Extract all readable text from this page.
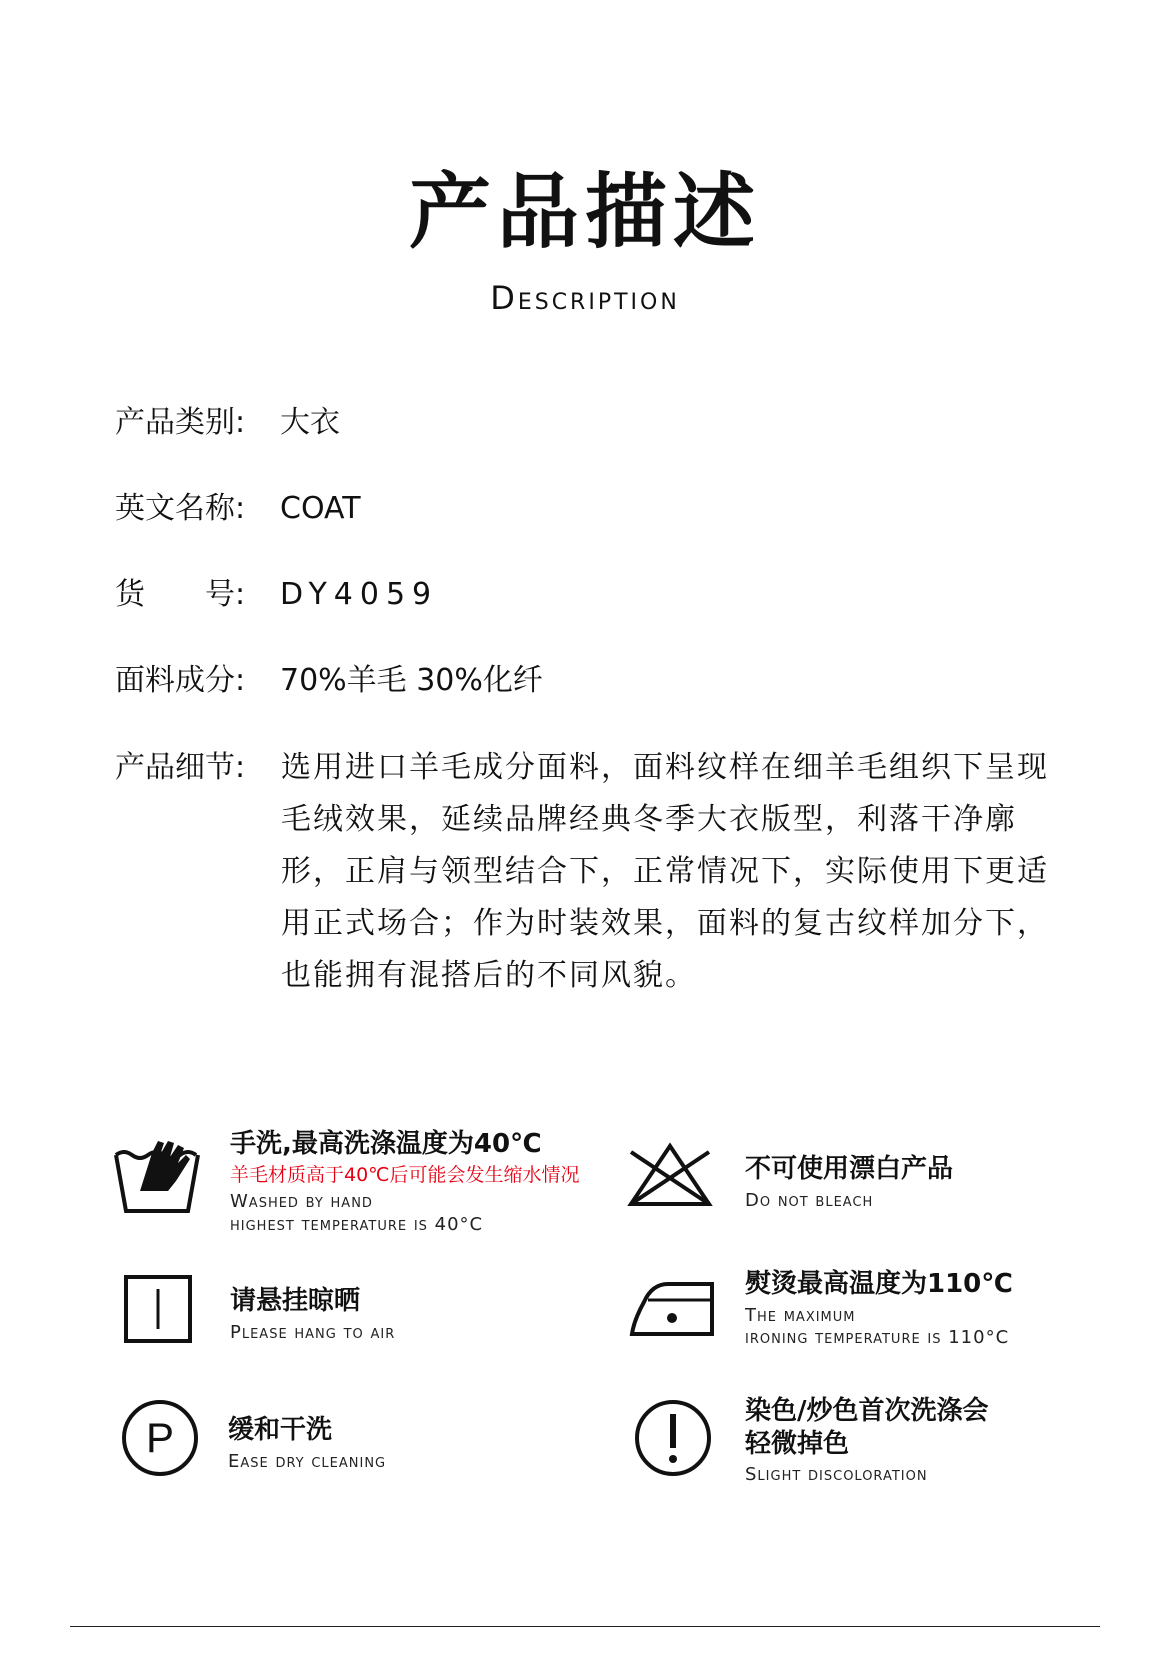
产品描述
Description
产品类别: 大衣
英文名称: COAT
货　　号: DY4059
面料成分: 70%羊毛 30%化纤
产品细节: 选用进口羊毛成分面料，面料纹样在细羊毛组织下呈现毛绒效果，延续品牌经典冬季大衣版型，利落干净廓形，正肩与领型结合下，正常情况下，实际使用下更适用正式场合；作为时装效果，面料的复古纹样加分下，也能拥有混搭后的不同风貌。
手洗,最高洗涤温度为40℃
羊毛材质高于40℃后可能会发生缩水情况
Washed by hand
highest temperature is 40°C
不可使用漂白产品
Do not bleach
请悬挂晾晒
Please hang to air
熨烫最高温度为110℃
The maximum
ironing temperature is 110°C
P 缓和干洗
Ease dry cleaning
染色/炒色首次洗涤会
轻微掉色
Slight discoloration
